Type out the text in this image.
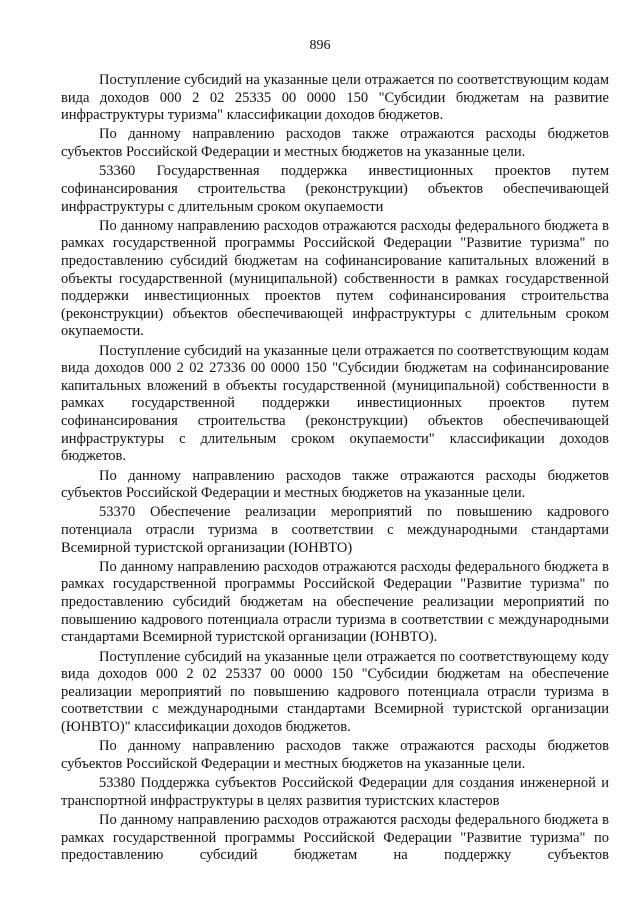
896

Поступление субсидий на указанные цели отражается по соответствующим кодам вида доходов 000 2 02 25335 00 0000 150 "Субсидии бюджетам на развитие инфраструктуры туризма" классификации доходов бюджетов.

По данному направлению расходов также отражаются расходы бюджетов субъектов Российской Федерации и местных бюджетов на указанные цели.

53360 Государственная поддержка инвестиционных проектов путем софинансирования строительства (реконструкции) объектов обеспечивающей инфраструктуры с длительным сроком окупаемости

По данному направлению расходов отражаются расходы федерального бюджета в рамках государственной программы Российской Федерации "Развитие туризма" по предоставлению субсидий бюджетам на софинансирование капитальных вложений в объекты государственной (муниципальной) собственности в рамках государственной поддержки инвестиционных проектов путем софинансирования строительства (реконструкции) объектов обеспечивающей инфраструктуры с длительным сроком окупаемости.

Поступление субсидий на указанные цели отражается по соответствующим кодам вида доходов 000 2 02 27336 00 0000 150 "Субсидии бюджетам на софинансирование капитальных вложений в объекты государственной (муниципальной) собственности в рамках государственной поддержки инвестиционных проектов путем софинансирования строительства (реконструкции) объектов обеспечивающей инфраструктуры с длительным сроком окупаемости" классификации доходов бюджетов.

По данному направлению расходов также отражаются расходы бюджетов субъектов Российской Федерации и местных бюджетов на указанные цели.

53370 Обеспечение реализации мероприятий по повышению кадрового потенциала отрасли туризма в соответствии с международными стандартами Всемирной туристской организации (ЮНВТО)

По данному направлению расходов отражаются расходы федерального бюджета в рамках государственной программы Российской Федерации "Развитие туризма" по предоставлению субсидий бюджетам на обеспечение реализации мероприятий по повышению кадрового потенциала отрасли туризма в соответствии с международными стандартами Всемирной туристской организации (ЮНВТО).

Поступление субсидий на указанные цели отражается по соответствующему коду вида доходов 000 2 02 25337 00 0000 150 "Субсидии бюджетам на обеспечение реализации мероприятий по повышению кадрового потенциала отрасли туризма в соответствии с международными стандартами Всемирной туристской организации (ЮНВТО)" классификации доходов бюджетов.

По данному направлению расходов также отражаются расходы бюджетов субъектов Российской Федерации и местных бюджетов на указанные цели.

53380 Поддержка субъектов Российской Федерации для создания инженерной и транспортной инфраструктуры в целях развития туристских кластеров

По данному направлению расходов отражаются расходы федерального бюджета в рамках государственной программы Российской Федерации "Развитие туризма" по предоставлению субсидий бюджетам на поддержку субъектов
